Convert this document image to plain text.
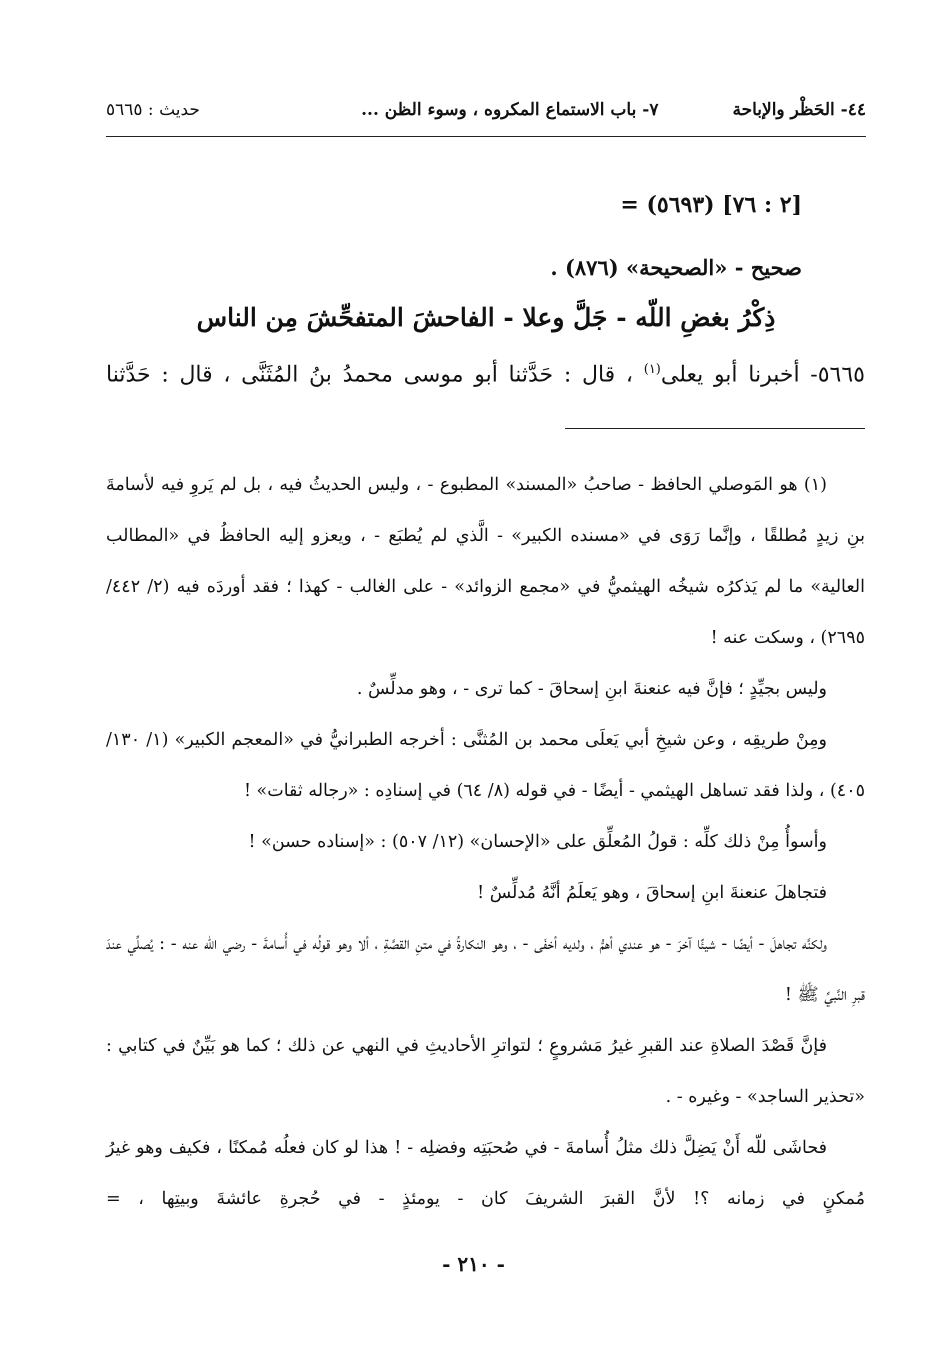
٤٤- الحَظْر والإباحة
٧- باب الاستماع المكروه ، وسوء الظن ...
حديث : ٥٦٦٥
= (٥٦٩٣) [٢ : ٧٦]
صحيح - «الصحيحة» (٨٧٦) .
ذِكْرُ بغضِ اللّه - جَلَّ وعلا - الفاحشَ المتفحِّشَ مِن الناس
٥٦٦٥- أخبرنا أبو يعلى$^{(١)}$ ، قال : حَدَّثنا أبو موسى محمدُ بنُ المُثَنَّى ، قال : حَدَّثنا

(١) هو المَوصلي الحافظ - صاحبُ «المسند» المطبوع - ، وليس الحديثُ فيه ، بل لم يَروِ فيه لأسامةَ بنِ زيدٍ مُطلقًا ، وإنَّما رَوَى في «مسنده الكبير» - الَّذي لم يُطبَع - ، ويعزو إليه الحافظُ في «المطالب العالية» ما لم يَذكرُه شيخُه الهيثميُّ في «مجمع الزوائد» - على الغالب - كهذا ؛ فقد أوردَه فيه (٢/ ٤٤٢/ ٢٦٩٥) ، وسكت عنه !

وليس بجيِّدٍ ؛ فإنَّ فيه عنعنةَ ابنِ إسحاقَ - كما ترى - ، وهو مدلِّسٌ .

ومِنْ طريقِه ، وعن شيخِ أبي يَعلَى محمد بن المُثنَّى : أخرجه الطبرانيُّ في «المعجم الكبير» (١/ ١٣٠/ ٤٠٥) ، ولذا فقد تساهل الهيثمي - أيضًا - في قوله (٨/ ٦٤) في إسنادِه : «رجاله ثقات» !

وأسوأُ مِنْ ذلك كلِّه : قولُ المُعلِّق على «الإحسان» (١٢/ ٥٠٧) : «إسناده حسن» !

فتجاهلَ عنعنةَ ابنِ إسحاقَ ، وهو يَعلَمُ أنَّهُ مُدلِّسٌ !

ولكنَّه تجاهلَ - أيضًا - شيئًا آخرَ - هو عندي أهمُّ ، ولديه أخفَى - ، وهو النكارةُ في متنِ القصَّةِ ، ألا وهو قولُه في أُسامةَ - رضي اللّه عنه - : يُصلِّي عندَ قبرِ النَّبيِّ ﷺ !

فإنَّ قَصْدَ الصلاةِ عند القبرِ غيرُ مَشروعٍ ؛ لتواترِ الأحاديثِ في النهي عن ذلك ؛ كما هو بَيِّنٌ في كتابي : «تحذير الساجد» - وغيره - .

فحاشَى للّه أَنْ يَضِلَّ ذلك مثلُ أُسامةَ - في صُحبَتِه وفضلِه - ! هذا لو كان فعلُه مُمكنًا ، فكيف وهو غيرُ مُمكنٍ في زمانه ؟! لأنَّ القبرَ الشريفَ كان - يومئذٍ - في حُجرةِ عائشةَ وبيتِها ، =

- ٢١٠ -
